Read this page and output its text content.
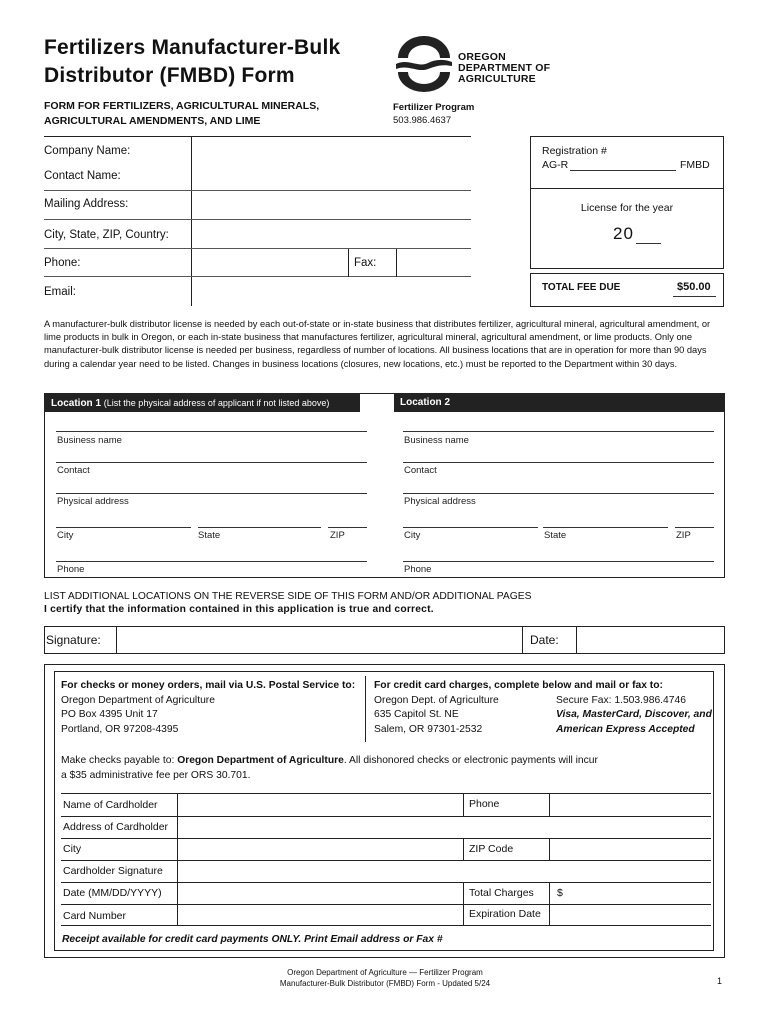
Fertilizers Manufacturer-Bulk
Distributor (FMBD) Form
FORM FOR FERTILIZERS, AGRICULTURAL MINERALS,
AGRICULTURAL AMENDMENTS, AND LIME
OREGON
DEPARTMENT OF
AGRICULTURE
Fertilizer Program
503.986.4637
Company Name:
Contact Name:
Mailing Address:
City, State, ZIP, Country:
Phone:	Fax:
Email:
Registration #
AG-R	FMBD
License for the year
20
TOTAL FEE DUE	$50.00
A manufacturer-bulk distributor license is needed by each out-of-state or in-state business that distributes fertilizer, agricultural mineral, agricultural amendment, or lime products in bulk in Oregon, or each in-state business that manufactures fertilizer, agricultural mineral, agricultural amendment, or lime products. Only one manufacturer-bulk distributor license is needed per business, regardless of number of locations. All business locations that are in operation for more than 90 days during a calendar year need to be listed. Changes in business locations (closures, new locations, etc.) must be reported to the Department within 30 days.
Location 1 (List the physical address of applicant if not listed above)	Location 2
Business name
Contact
Physical address
City	State	ZIP
Phone
Business name
Contact
Physical address
City	State	ZIP
Phone
LIST ADDITIONAL LOCATIONS ON THE REVERSE SIDE OF THIS FORM AND/OR ADDITIONAL PAGES
I certify that the information contained in this application is true and correct.
Signature:	Date:
For checks or money orders, mail via U.S. Postal Service to:
Oregon Department of Agriculture
PO Box 4395 Unit 17
Portland, OR 97208-4395
For credit card charges, complete below and mail or fax to:
Oregon Dept. of Agriculture
635 Capitol St. NE
Salem, OR 97301-2532
Secure Fax: 1.503.986.4746
Visa, MasterCard, Discover, and
American Express Accepted
Make checks payable to: Oregon Department of Agriculture. All dishonored checks or electronic payments will incur
a $35 administrative fee per ORS 30.701.
Name of Cardholder	Phone
Address of Cardholder
City	ZIP Code
Cardholder Signature
Date (MM/DD/YYYY)	Total Charges $
Card Number	Expiration Date
Receipt available for credit card payments ONLY. Print Email address or Fax #
Oregon Department of Agriculture — Fertilizer Program
Manufacturer-Bulk Distributor (FMBD) Form - Updated 5/24	1
